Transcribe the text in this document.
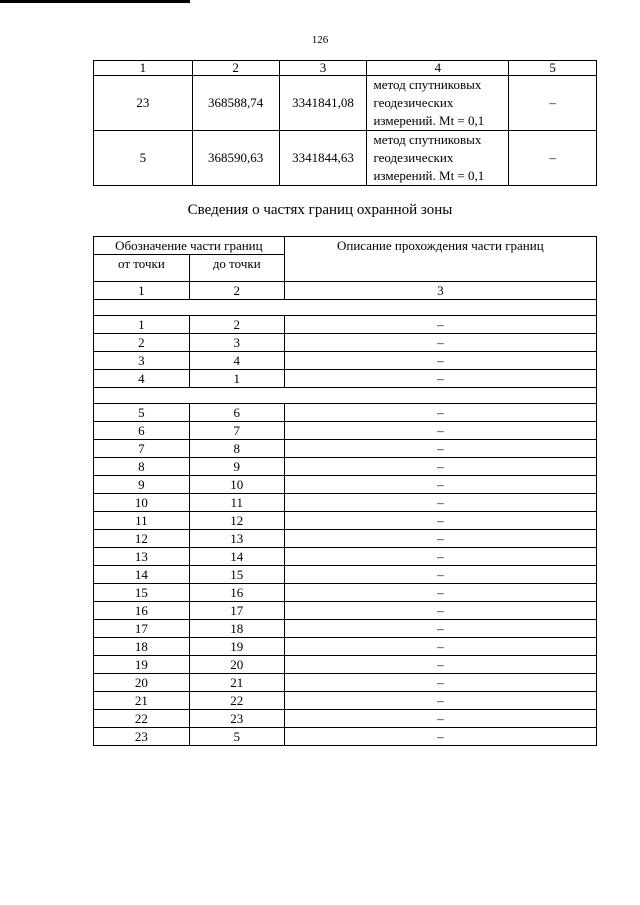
126
1	2	3	4	5
23	368588,74	3341841,08	метод спутниковых
геодезических
измерений. Mt = 0,1	–
5	368590,63	3341844,63	метод спутниковых
геодезических
измерений. Mt = 0,1	–
Сведения о частях границ охранной зоны
Обозначение части границ		Описание прохождения части границ
от точки	до точки	
1	2	3

1	2	–
2	3	–
3	4	–
4	1	–

5	6	–
6	7	–
7	8	–
8	9	–
9	10	–
10	11	–
11	12	–
12	13	–
13	14	–
14	15	–
15	16	–
16	17	–
17	18	–
18	19	–
19	20	–
20	21	–
21	22	–
22	23	–
23	5	–
